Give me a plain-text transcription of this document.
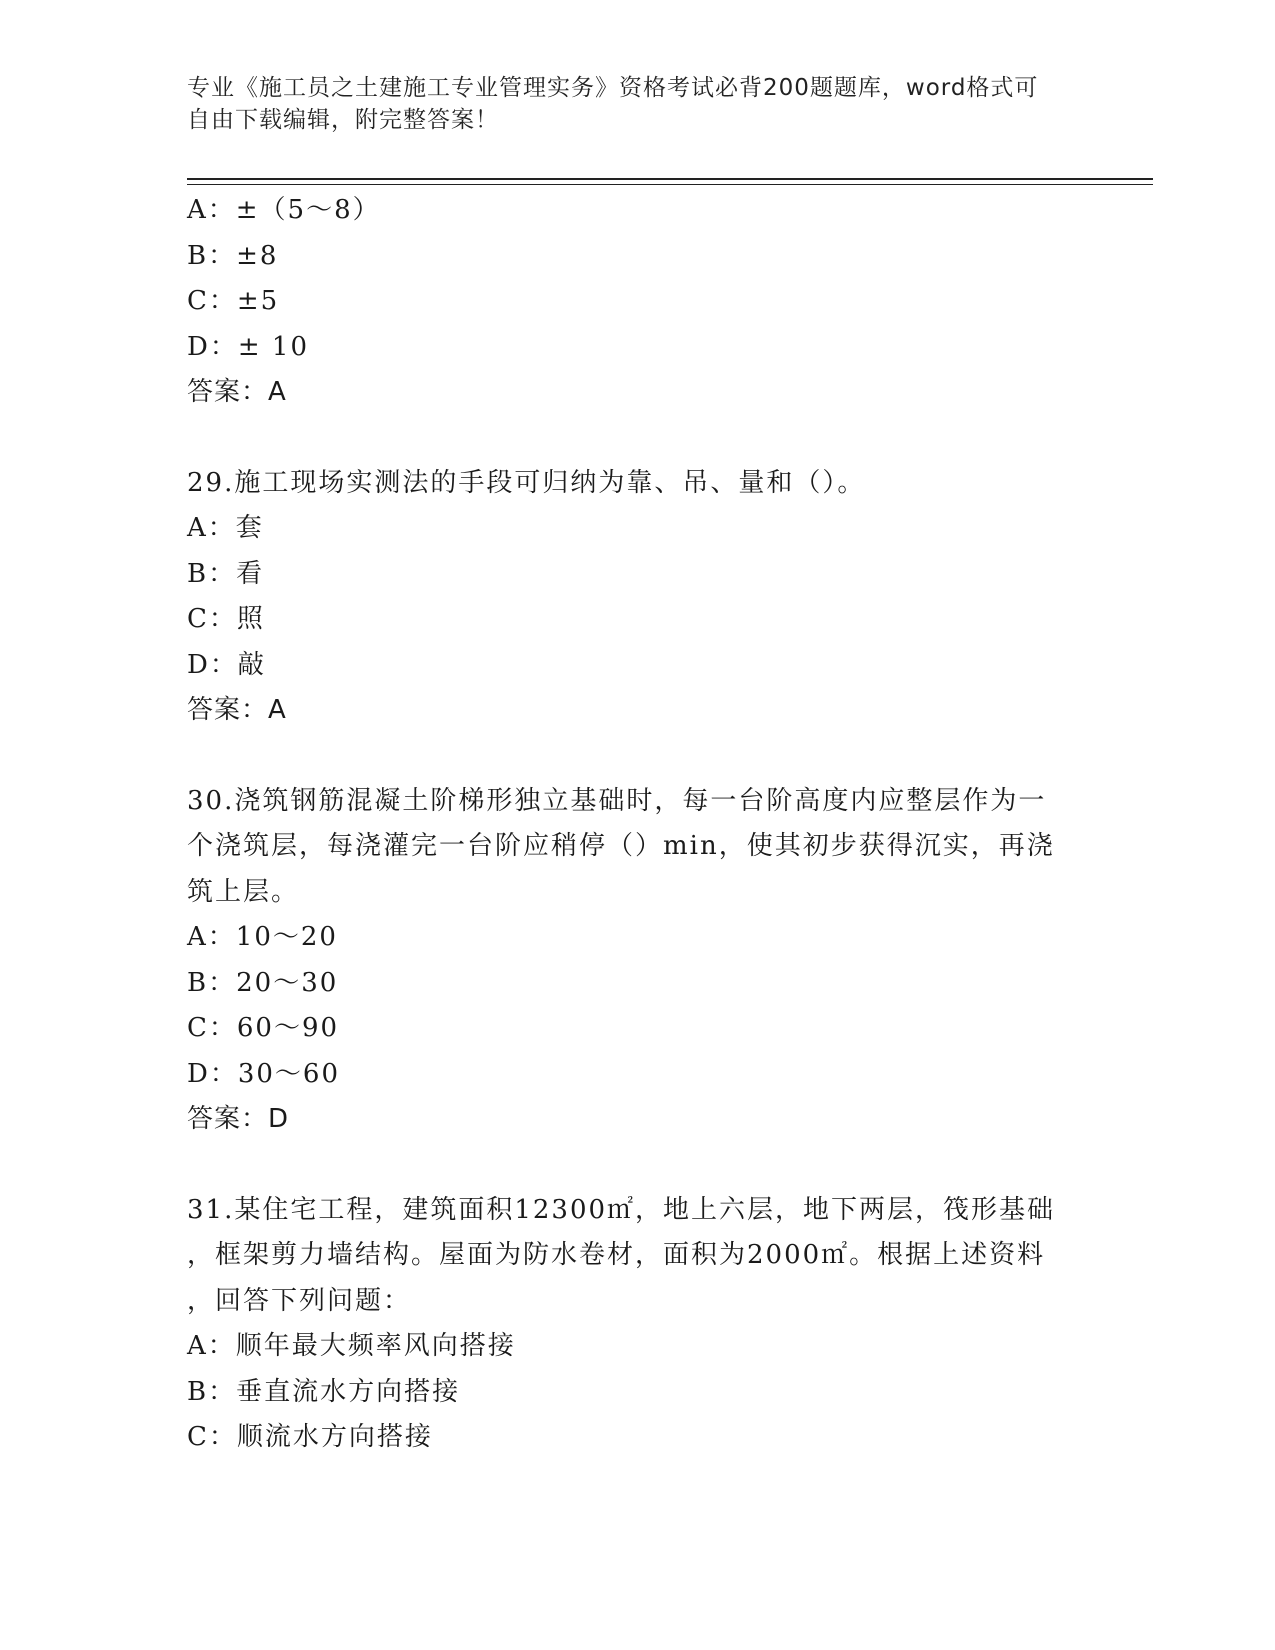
专业《施工员之土建施工专业管理实务》资格考试必背200题题库，word格式可
自由下载编辑，附完整答案！
A：±（5～8）
B：±8
C：±5
D：± 10
答案：A
29.施工现场实测法的手段可归纳为靠、吊、量和（）。
A：套
B：看
C：照
D：敲
答案：A
30.浇筑钢筋混凝土阶梯形独立基础时，每一台阶高度内应整层作为一
个浇筑层，每浇灌完一台阶应稍停（）min，使其初步获得沉实，再浇
筑上层。
A：10～20
B：20～30
C：60～90
D：30～60
答案：D
31.某住宅工程，建筑面积12300㎡，地上六层，地下两层，筏形基础
，框架剪力墙结构。屋面为防水卷材，面积为2000㎡。根据上述资料
，回答下列问题：
A：顺年最大频率风向搭接
B：垂直流水方向搭接
C：顺流水方向搭接
